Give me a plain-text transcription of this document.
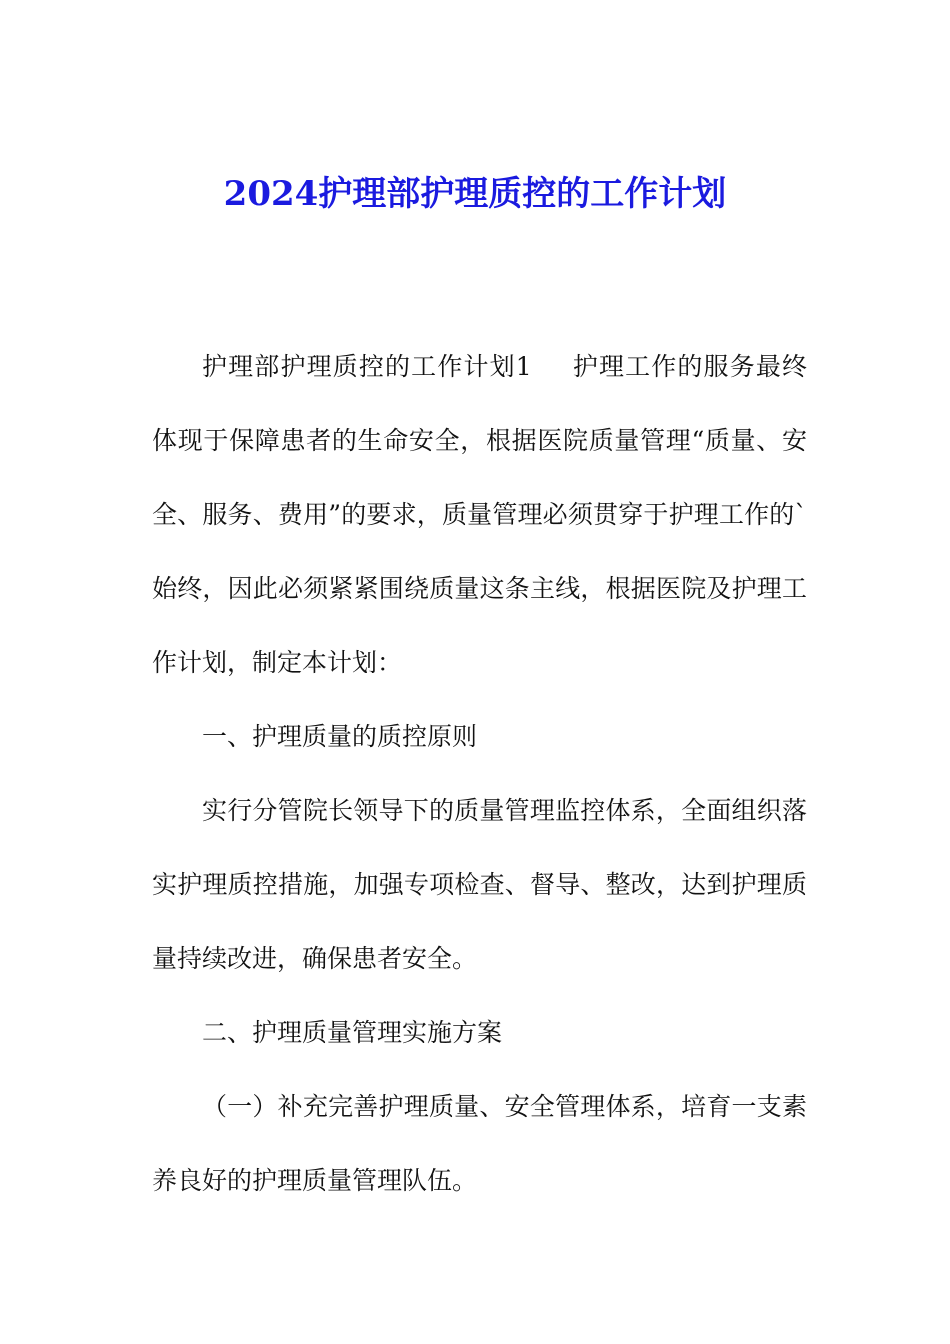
2024护理部护理质控的工作计划

护理部护理质控的工作计划1 护理工作的服务最终体现于保障患者的生命安全，根据医院质量管理“质量、安全、服务、费用”的要求，质量管理必须贯穿于护理工作的`始终，因此必须紧紧围绕质量这条主线，根据医院及护理工作计划，制定本计划：

一、护理质量的质控原则

实行分管院长领导下的质量管理监控体系，全面组织落实护理质控措施，加强专项检查、督导、整改，达到护理质量持续改进，确保患者安全。

二、护理质量管理实施方案

（一）补充完善护理质量、安全管理体系，培育一支素养良好的护理质量管理队伍。
